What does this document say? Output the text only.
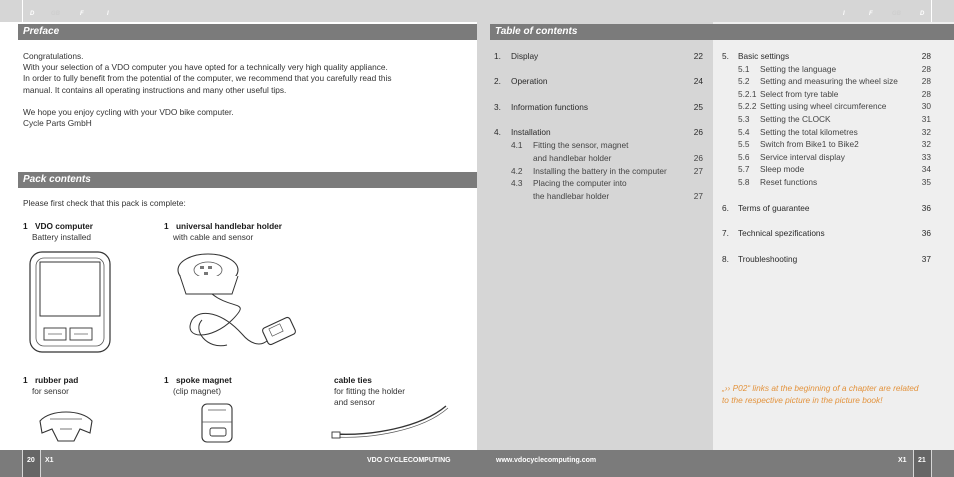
D	GB	F	I	I	F	GB	D
Preface	Table of contents
Pack contents
Congratulations.
With your selection of a VDO computer you have opted for a technically very high quality appliance.
In order to fully benefit from the potential of the computer, we recommend that you carefully read this
manual. It contains all operating instructions and many other useful tips.
We hope you enjoy cycling with your VDO bike computer.
Cycle Parts GmbH
Please first check that this pack is complete:
1 VDO computer
Battery installed
1 universal handlebar holder
with cable and sensor
1 rubber pad
for sensor
1 spoke magnet
(clip magnet)
cable ties
for fitting the holder
and sensor
1. Display	22
2. Operation	24
3. Information functions	25
4. Installation	26
4.1 Fitting the sensor, magnet
and handlebar holder	26
4.2 Installing the battery in the computer	27
4.3 Placing the computer into
the handlebar holder	27
5. Basic settings	28
5.1 Setting the language	28
5.2 Setting and measuring the wheel size	28
5.2.1 Select from tyre table	28
5.2.2 Setting using wheel circumference	30
5.3 Setting the CLOCK	31
5.4 Setting the total kilometres	32
5.5 Switch from Bike1 to Bike2	32
5.6 Service interval display	33
5.7 Sleep mode	34
5.8 Reset functions	35
6. Terms of guarantee	36
7. Technical spezifications	36
8. Troubleshooting	37
„›› P02“ links at the beginning of a chapter are related to the respective picture in the picture book!
20 X1	VDO CYCLECOMPUTING	www.vdocyclecomputing.com	X1 21
